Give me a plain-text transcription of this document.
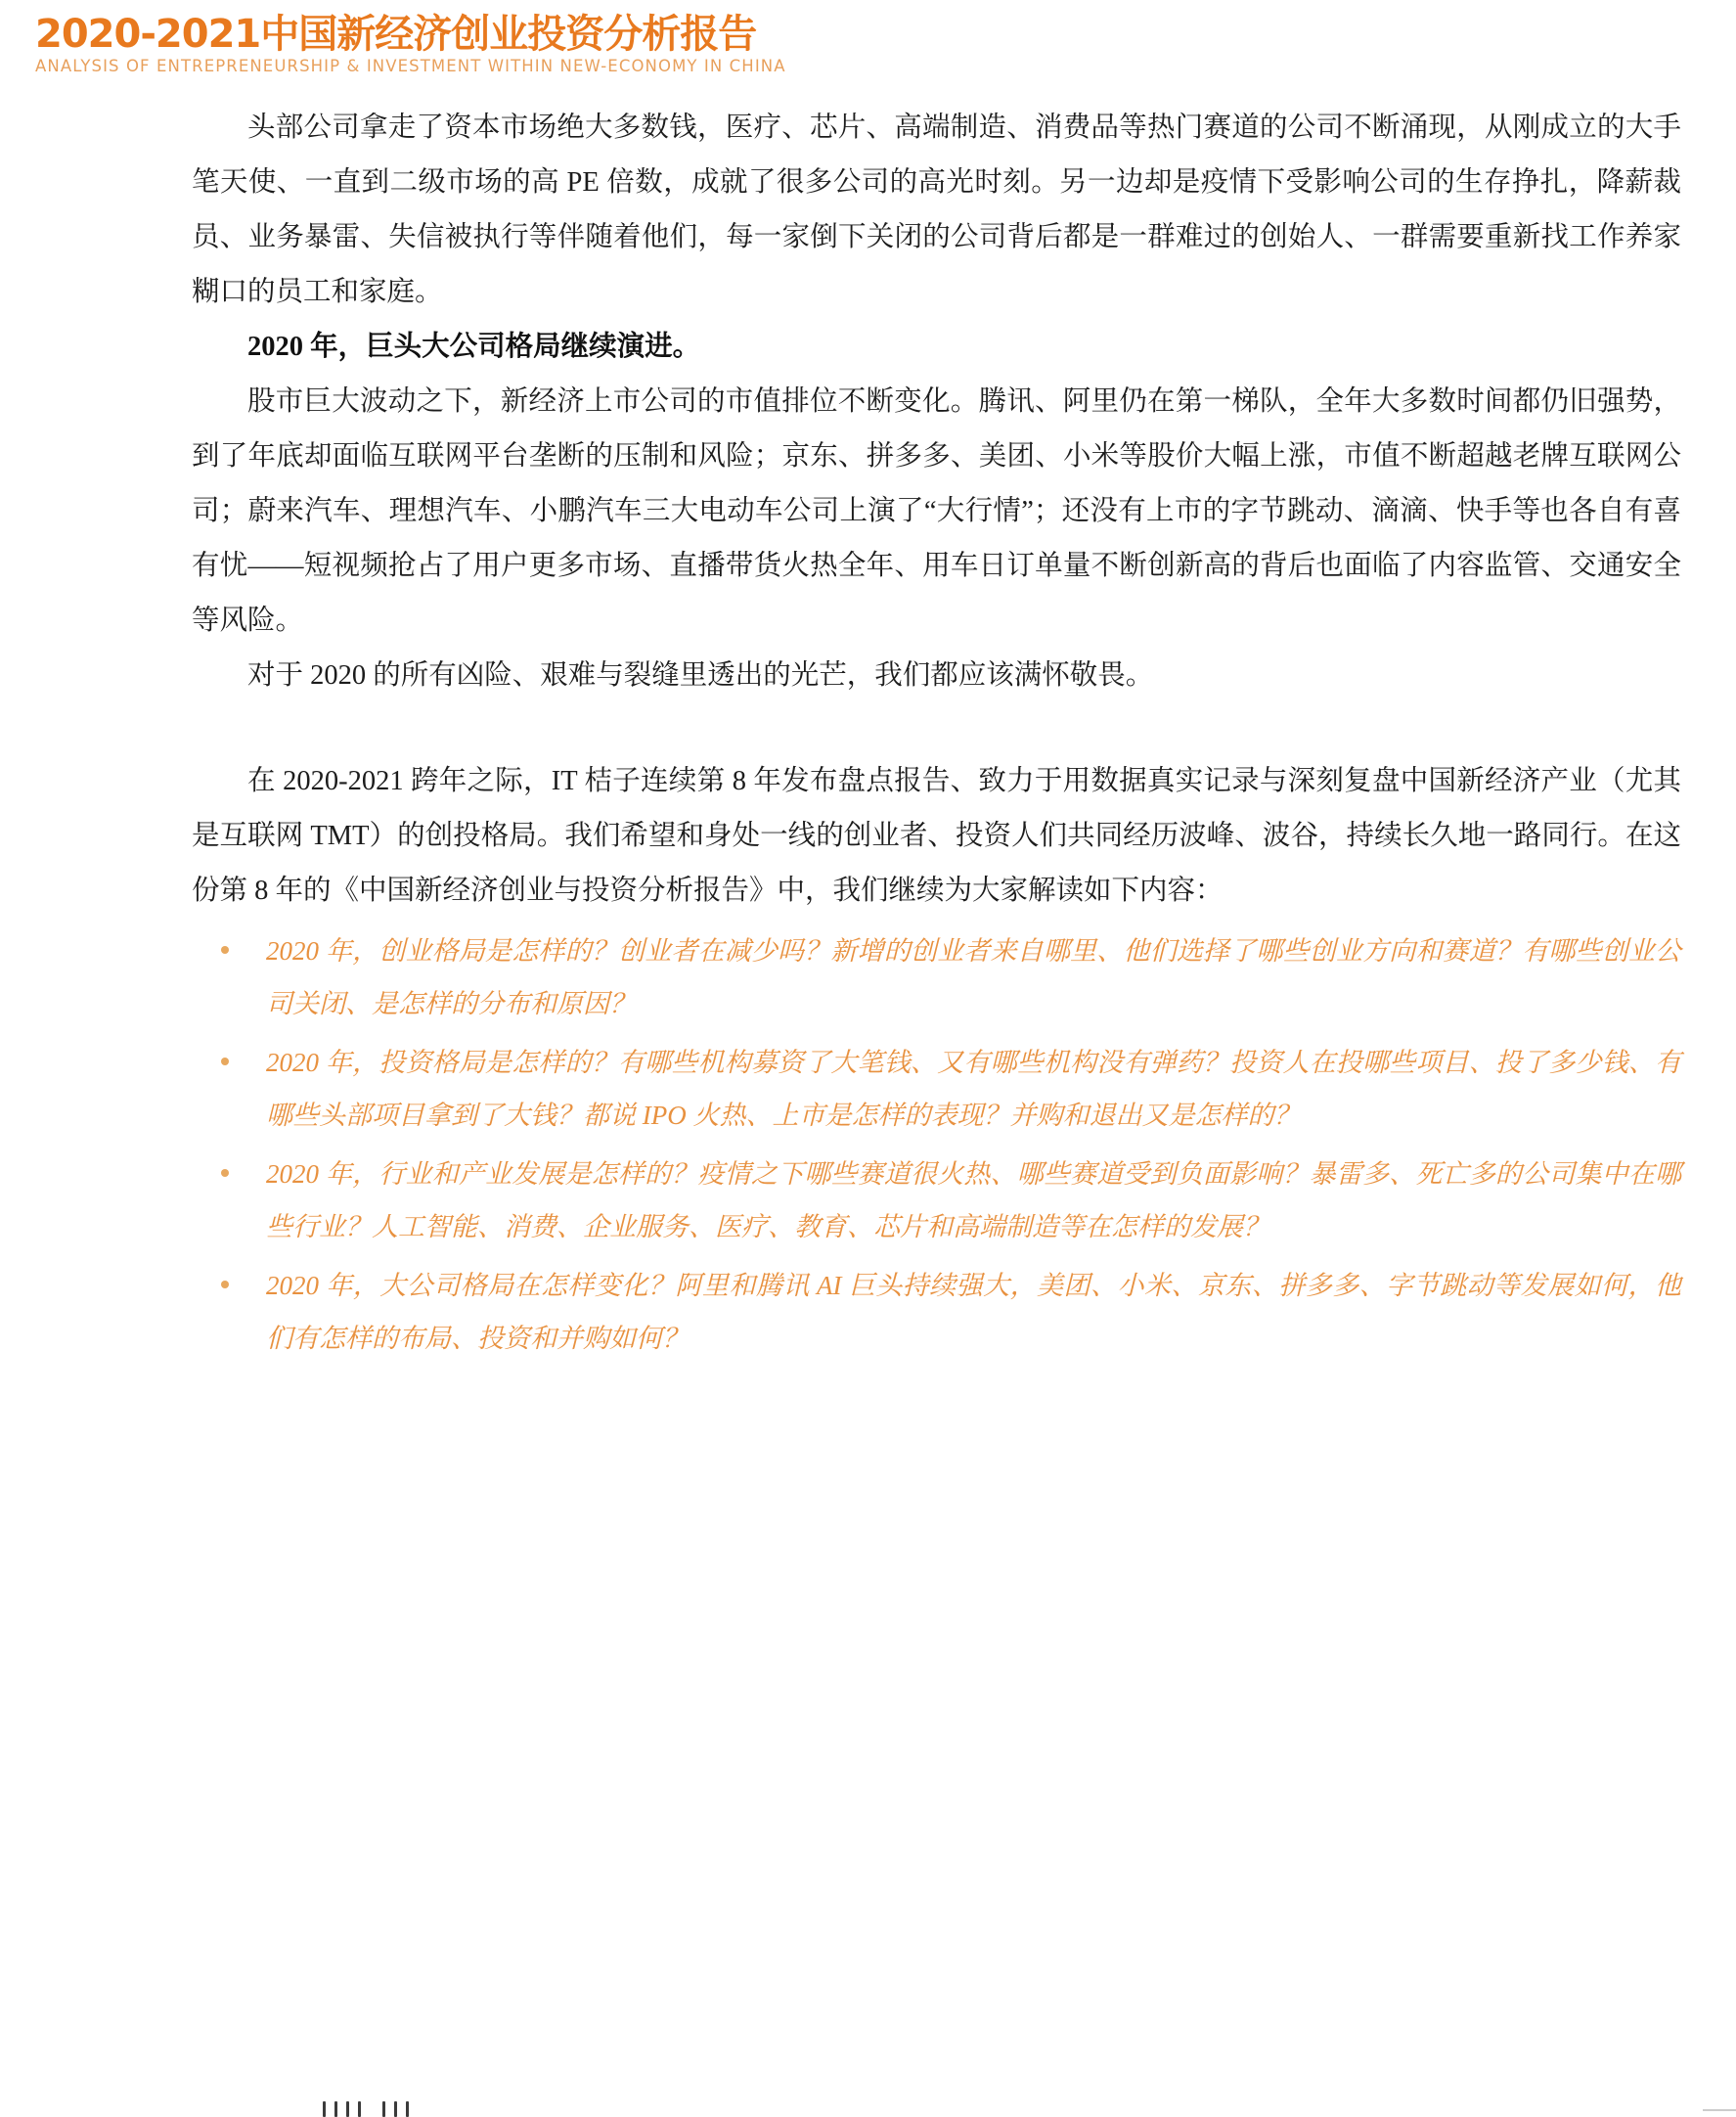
2020-2021中国新经济创业投资分析报告
ANALYSIS OF ENTREPRENEURSHIP & INVESTMENT WITHIN NEW-ECONOMY IN CHINA

头部公司拿走了资本市场绝大多数钱，医疗、芯片、高端制造、消费品等热门赛道的公司不断涌现，从刚成立的大手笔天使、一直到二级市场的高 PE 倍数，成就了很多公司的高光时刻。另一边却是疫情下受影响公司的生存挣扎，降薪裁员、业务暴雷、失信被执行等伴随着他们，每一家倒下关闭的公司背后都是一群难过的创始人、一群需要重新找工作养家糊口的员工和家庭。

2020 年，巨头大公司格局继续演进。

股市巨大波动之下，新经济上市公司的市值排位不断变化。腾讯、阿里仍在第一梯队，全年大多数时间都仍旧强势，到了年底却面临互联网平台垄断的压制和风险；京东、拼多多、美团、小米等股价大幅上涨，市值不断超越老牌互联网公司；蔚来汽车、理想汽车、小鹏汽车三大电动车公司上演了“大行情”；还没有上市的字节跳动、滴滴、快手等也各自有喜有忧——短视频抢占了用户更多市场、直播带货火热全年、用车日订单量不断创新高的背后也面临了内容监管、交通安全等风险。

对于 2020 的所有凶险、艰难与裂缝里透出的光芒，我们都应该满怀敬畏。

在 2020-2021 跨年之际，IT 桔子连续第 8 年发布盘点报告、致力于用数据真实记录与深刻复盘中国新经济产业（尤其是互联网 TMT）的创投格局。我们希望和身处一线的创业者、投资人们共同经历波峰、波谷，持续长久地一路同行。在这份第 8 年的《中国新经济创业与投资分析报告》中，我们继续为大家解读如下内容：

2020 年，创业格局是怎样的？创业者在减少吗？新增的创业者来自哪里、他们选择了哪些创业方向和赛道？有哪些创业公司关闭、是怎样的分布和原因？
2020 年，投资格局是怎样的？有哪些机构募资了大笔钱、又有哪些机构没有弹药？投资人在投哪些项目、投了多少钱、有哪些头部项目拿到了大钱？都说 IPO 火热、上市是怎样的表现？并购和退出又是怎样的？
2020 年，行业和产业发展是怎样的？疫情之下哪些赛道很火热、哪些赛道受到负面影响？暴雷多、死亡多的公司集中在哪些行业？人工智能、消费、企业服务、医疗、教育、芯片和高端制造等在怎样的发展？
2020 年，大公司格局在怎样变化？阿里和腾讯 AI 巨头持续强大，美团、小米、京东、拼多多、字节跳动等发展如何，他们有怎样的布局、投资和并购如何？
